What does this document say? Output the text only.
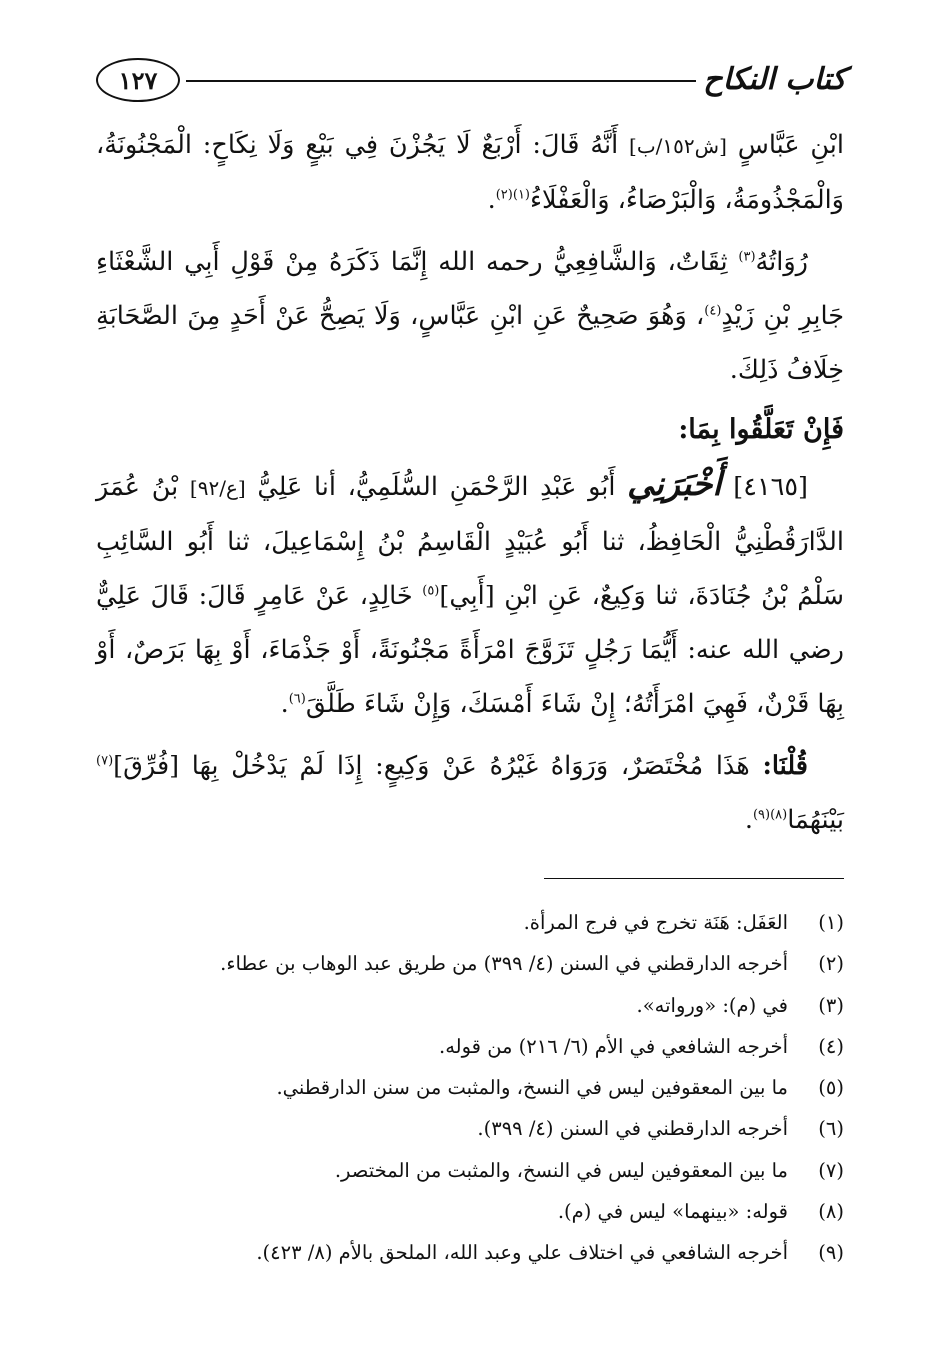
كتاب النكاح
١٢٧

ابْنِ عَبَّاسٍ [ش١٥٢/ب] أَنَّهُ قَالَ: أَرْبَعٌ لَا يَجُزْنَ فِي بَيْعٍ وَلَا نِكَاحٍ: الْمَجْنُونَةُ، وَالْمَجْذُومَةُ، وَالْبَرْصَاءُ، وَالْعَفْلَاءُ$^{(١)(٢)}$.

رُوَاتُهُ$^{(٣)}$ ثِقَاتٌ، وَالشَّافِعِيُّ رحمه الله إِنَّمَا ذَكَرَهُ مِنْ قَوْلِ أَبِي الشَّعْثَاءِ جَابِرِ بْنِ زَيْدٍ$^{(٤)}$، وَهُوَ صَحِيحٌ عَنِ ابْنِ عَبَّاسٍ، وَلَا يَصِحُّ عَنْ أَحَدٍ مِنَ الصَّحَابَةِ خِلَافُ ذَلِكَ.

فَإِنْ تَعَلَّقُوا بِمَا:

[٤١٦٥] أَخْبَرَنِي أَبُو عَبْدِ الرَّحْمَنِ السُّلَمِيُّ، أنا عَلِيُّ [ع/٩٢] بْنُ عُمَرَ الدَّارَقُطْنِيُّ الْحَافِظُ، ثنا أَبُو عُبَيْدٍ الْقَاسِمُ بْنُ إِسْمَاعِيلَ، ثنا أَبُو السَّائِبِ سَلْمُ بْنُ جُنَادَةَ، ثنا وَكِيعٌ، عَنِ ابْنِ [أَبِي]$^{(٥)}$ خَالِدٍ، عَنْ عَامِرٍ قَالَ: قَالَ عَلِيٌّ رضي الله عنه: أَيُّمَا رَجُلٍ تَزَوَّجَ امْرَأَةً مَجْنُونَةً، أَوْ جَذْمَاءَ، أَوْ بِهَا بَرَصٌ، أَوْ بِهَا قَرْنٌ، فَهِيَ امْرَأَتُهُ؛ إِنْ شَاءَ أَمْسَكَ، وَإِنْ شَاءَ طَلَّقَ$^{(٦)}$.

قُلْنَا: هَذَا مُخْتَصَرٌ، وَرَوَاهُ غَيْرُهُ عَنْ وَكِيعٍ: إِذَا لَمْ يَدْخُلْ بِهَا [فُرِّقَ]$^{(٧)}$ بَيْنَهُمَا$^{(٨)(٩)}$.

(١)
العَفَل: هَنَة تخرج في فرج المرأة.
(٢)
أخرجه الدارقطني في السنن (٤/ ٣٩٩) من طريق عبد الوهاب بن عطاء.
(٣)
في (م): «ورواته».
(٤)
أخرجه الشافعي في الأم (٦/ ٢١٦) من قوله.
(٥)
ما بين المعقوفين ليس في النسخ، والمثبت من سنن الدارقطني.
(٦)
أخرجه الدارقطني في السنن (٤/ ٣٩٩).
(٧)
ما بين المعقوفين ليس في النسخ، والمثبت من المختصر.
(٨)
قوله: «بينهما» ليس في (م).
(٩)
أخرجه الشافعي في اختلاف علي وعبد الله، الملحق بالأم (٨/ ٤٢٣).
